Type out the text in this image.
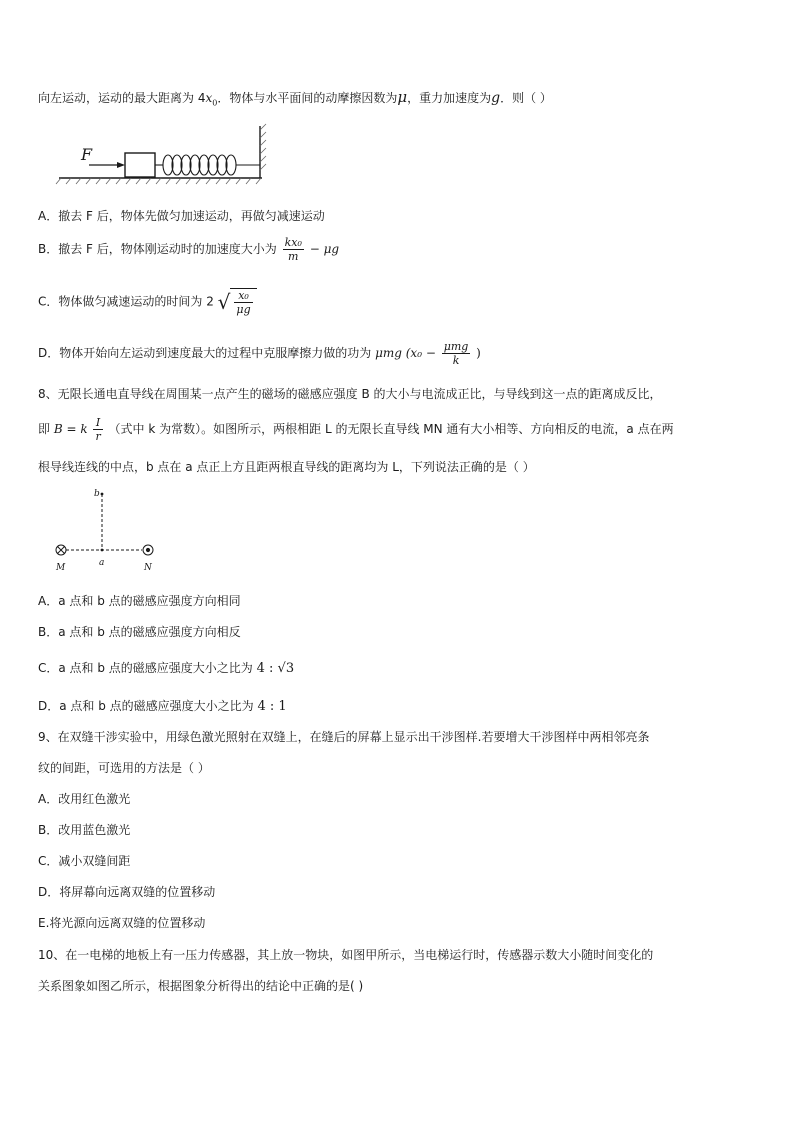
向左运动，运动的最大距离为 $4x_0$．物体与水平面间的动摩擦因数为μ，重力加速度为g．则（ ）
F
A．撤去 F 后，物体先做匀加速运动，再做匀减速运动
B．撤去 F 后，物体刚运动时的加速度大小为 $\frac{\text{kx₀}}{m} - \mu g$
C．物体做匀减速运动的时间为 2 √ $\frac{\text{x₀}}{\mu g}$
D．物体开始向左运动到速度最大的过程中克服摩擦力做的功为 μmg ($x_0 - \frac{\text{μmg}}{k}$ )
8、无限长通电直导线在周围某一点产生的磁场的磁感应强度 B 的大小与电流成正比，与导线到这一点的距离成反比，
即 B = k $\frac{I}{r}$ （式中 k 为常数）。如图所示，两根相距 L 的无限长直导线 MN 通有大小相等、方向相反的电流，a 点在两
根导线连线的中点，b 点在 a 点正上方且距两根直导线的距离均为 L，下列说法正确的是（ ）
b
a
M	N
A．a 点和 b 点的磁感应强度方向相同
B．a 点和 b 点的磁感应强度方向相反
C．a 点和 b 点的磁感应强度大小之比为 4 : √3
D．a 点和 b 点的磁感应强度大小之比为 4 : 1
9、在双缝干涉实验中，用绿色激光照射在双缝上，在缝后的屏幕上显示出干涉图样.若要增大干涉图样中两相邻亮条
纹的间距，可选用的方法是（ ）
A．改用红色激光
B．改用蓝色激光
C．减小双缝间距
D．将屏幕向远离双缝的位置移动
E.将光源向远离双缝的位置移动
10、在一电梯的地板上有一压力传感器，其上放一物块，如图甲所示，当电梯运行时，传感器示数大小随时间变化的
关系图象如图乙所示，根据图象分析得出的结论中正确的是( )
